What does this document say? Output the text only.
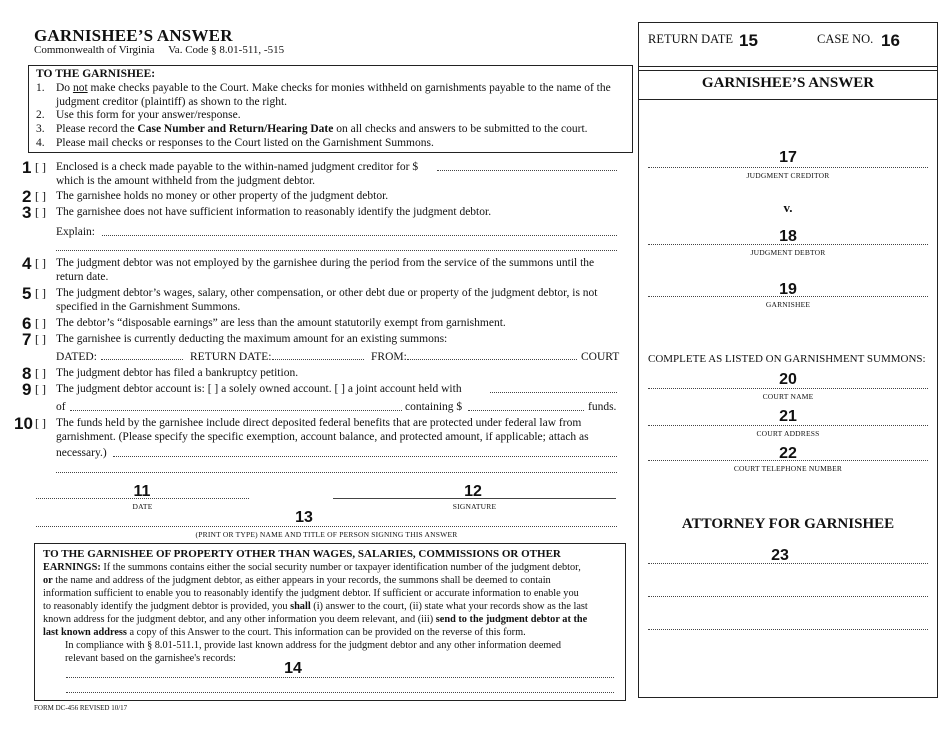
GARNISHEE’S ANSWER
Commonwealth of Virginia     Va. Code § 8.01-511, -515
TO THE GARNISHEE:
1. Do not make checks payable to the Court. Make checks for monies withheld on garnishments payable to the name of the judgment creditor (plaintiff) as shown to the right.
2. Use this form for your answer/response.
3. Please record the Case Number and Return/Hearing Date on all checks and answers to be submitted to the court.
4. Please mail checks or responses to the Court listed on the Garnishment Summons.
1 [ ] Enclosed is a check made payable to the within-named judgment creditor for $
which is the amount withheld from the judgment debtor.
2 [ ] The garnishee holds no money or other property of the judgment debtor.
3 [ ] The garnishee does not have sufficient information to reasonably identify the judgment debtor.
Explain:
4 [ ] The judgment debtor was not employed by the garnishee during the period from the service of the summons until the return date.
5 [ ] The judgment debtor’s wages, salary, other compensation, or other debt due or property of the judgment debtor, is not specified in the Garnishment Summons.
6 [ ] The debtor’s “disposable earnings” are less than the amount statutorily exempt from garnishment.
7 [ ] The garnishee is currently deducting the maximum amount for an existing summons:
DATED:	RETURN DATE:	FROM:	COURT
8 [ ] The judgment debtor has filed a bankruptcy petition.
9 [ ] The judgment debtor account is: [ ] a solely owned account. [ ] a joint account held with
of	containing $	funds.
10 [ ] The funds held by the garnishee include direct deposited federal benefits that are protected under federal law from garnishment. (Please specify the specific exemption, account balance, and protected amount, if applicable; attach as
necessary.)
11
DATE
12
SIGNATURE
13
(PRINT OR TYPE) NAME AND TITLE OF PERSON SIGNING THIS ANSWER
TO THE GARNISHEE OF PROPERTY OTHER THAN WAGES, SALARIES, COMMISSIONS OR OTHER
EARNINGS: If the summons contains either the social security number or taxpayer identification number of the judgment debtor,
or the name and address of the judgment debtor, as either appears in your records, the summons shall be deemed to contain
information sufficient to enable you to reasonably identify the judgment debtor. If sufficient or accurate information to enable you
to reasonably identify the judgment debtor is provided, you shall (i) answer to the court, (ii) state what your records show as the last
known address for the judgment debtor, and any other information you deem relevant, and (iii) send to the judgment debtor at the
last known address a copy of this Answer to the court. This information can be provided on the reverse of this form.
In compliance with § 8.01-511.1, provide last known address for the judgment debtor and any other information deemed
relevant based on the garnishee's records:
14
FORM DC-456 REVISED 10/17
RETURN DATE 15	CASE NO. 16
GARNISHEE’S ANSWER
17
JUDGMENT CREDITOR
v.
18
JUDGMENT DEBTOR
19
GARNISHEE
COMPLETE AS LISTED ON GARNISHMENT SUMMONS:
20
COURT NAME
21
COURT ADDRESS
22
COURT TELEPHONE NUMBER
ATTORNEY FOR GARNISHEE
23
